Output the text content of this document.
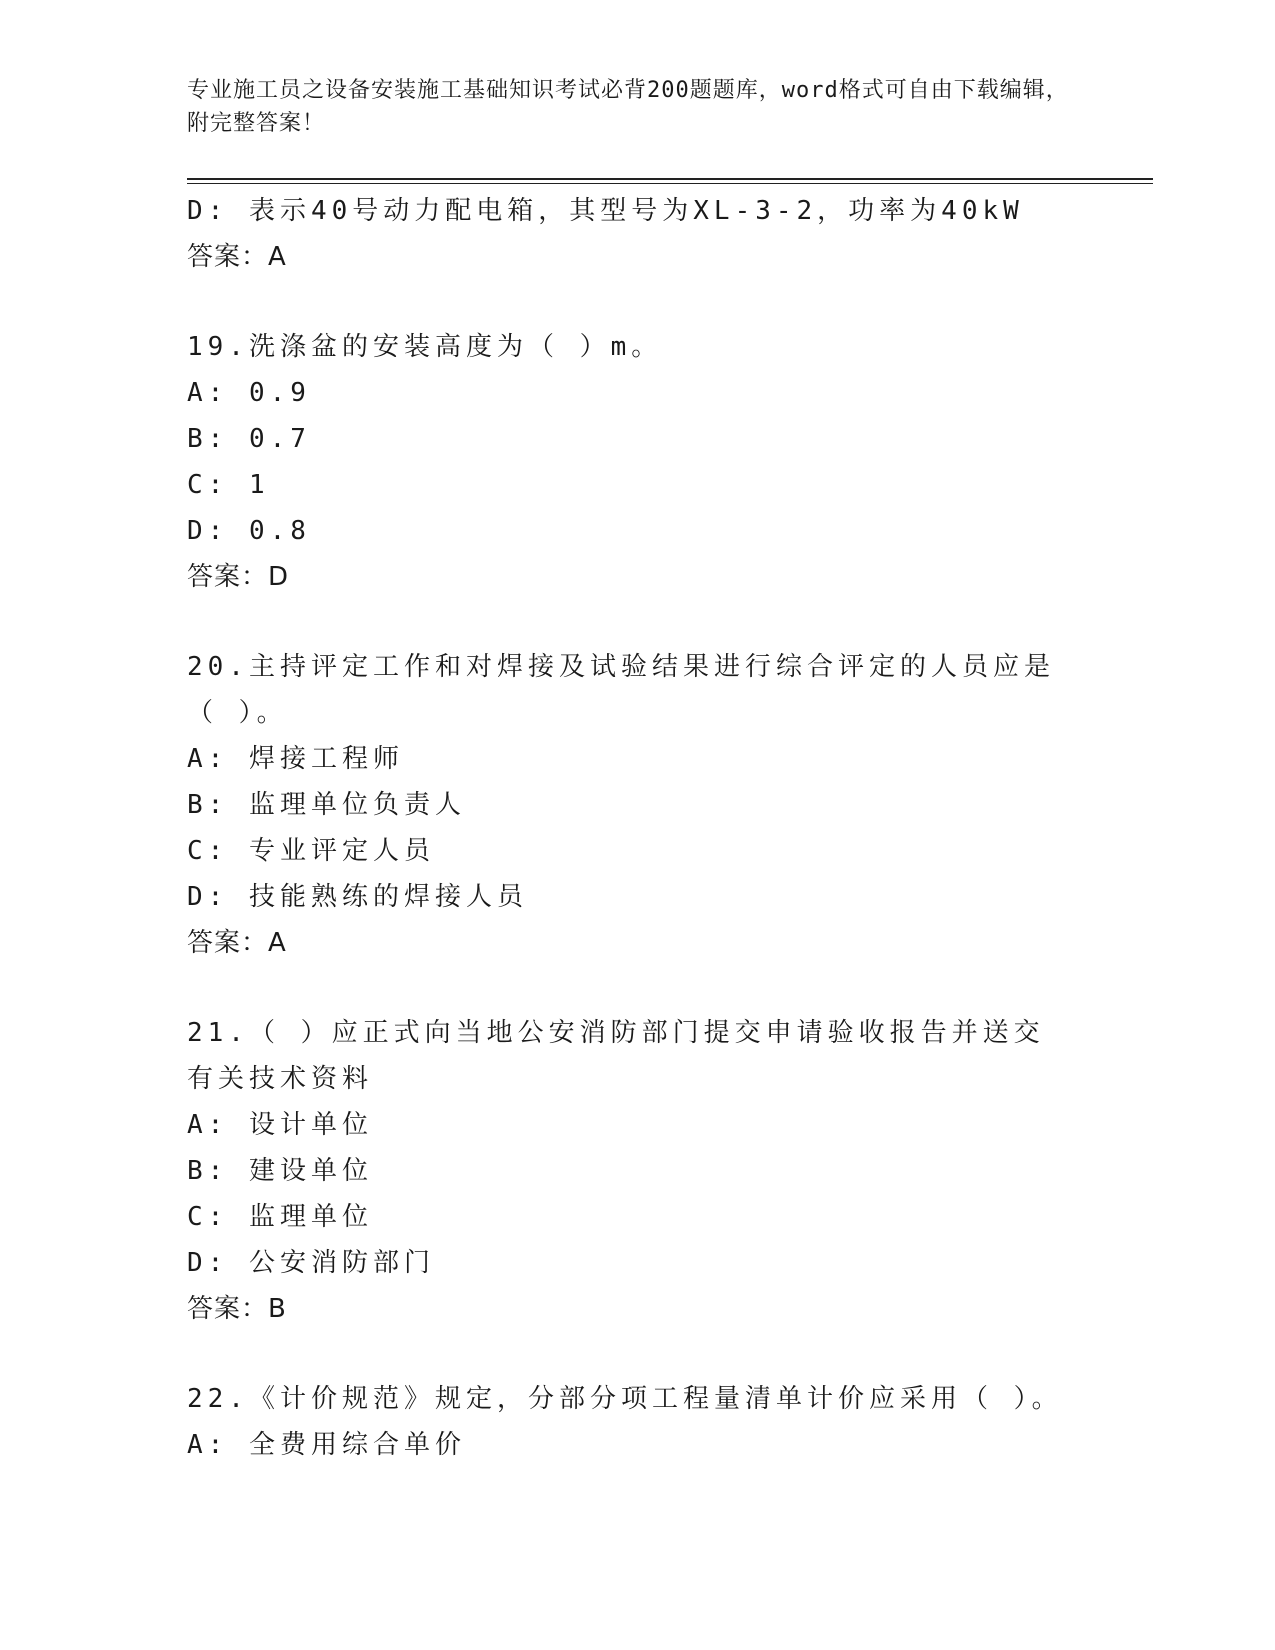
专业施工员之设备安装施工基础知识考试必背200题题库，word格式可自由下载编辑，附完整答案！
D: 表示40号动力配电箱，其型号为XL-3-2，功率为40kW
答案：A
19.洗涤盆的安装高度为（ ）m。
A: 0.9
B: 0.7
C: 1
D: 0.8
答案：D
20.主持评定工作和对焊接及试验结果进行综合评定的人员应是（ ）。
A: 焊接工程师
B: 监理单位负责人
C: 专业评定人员
D: 技能熟练的焊接人员
答案：A
21.（ ）应正式向当地公安消防部门提交申请验收报告并送交有关技术资料
A: 设计单位
B: 建设单位
C: 监理单位
D: 公安消防部门
答案：B
22.《计价规范》规定，分部分项工程量清单计价应采用（ ）。
A: 全费用综合单价
